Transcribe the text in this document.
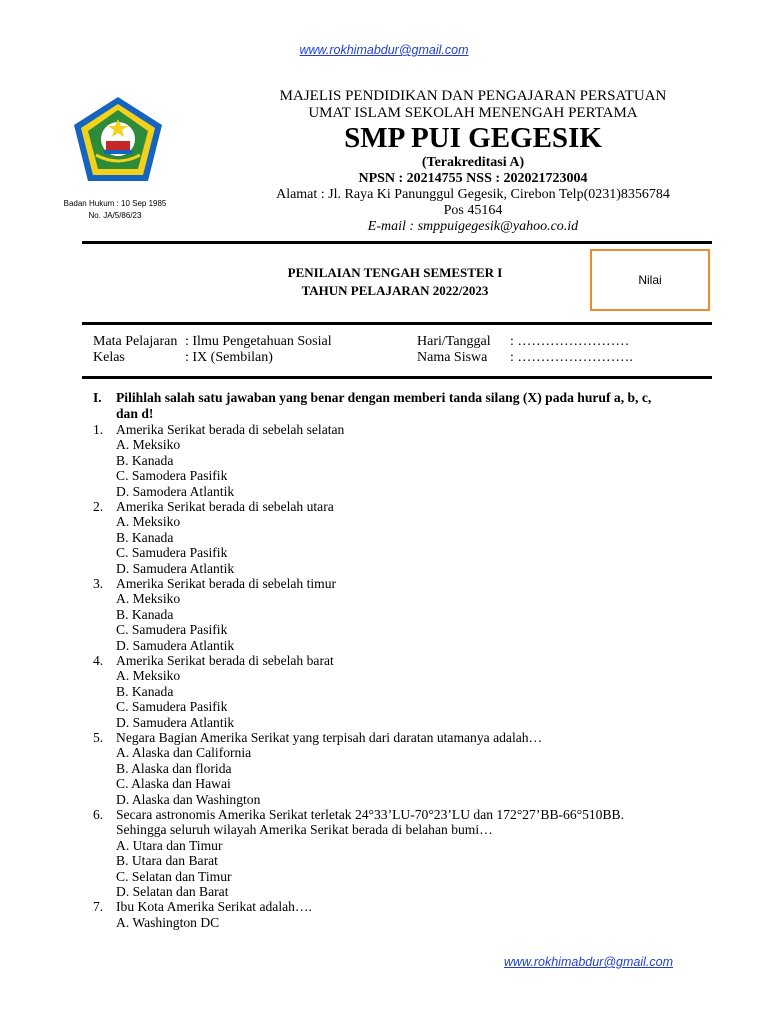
www.rokhimabdur@gmail.com
Badan Hukum : 10 Sep 1985
No. JA/5/86/23
MAJELIS PENDIDIKAN DAN PENGAJARAN PERSATUAN
UMAT ISLAM SEKOLAH MENENGAH PERTAMA
SMP PUI GEGESIK
(Terakreditasi A)
NPSN : 20214755 NSS : 202021723004
Alamat : Jl. Raya Ki Panunggul Gegesik, Cirebon Telp(0231)8356784
Pos 45164
E-mail : smppuigegesik@yahoo.co.id
PENILAIAN TENGAH SEMESTER I
TAHUN PELAJARAN 2022/2023
Nilai
Mata Pelajaran : Ilmu Pengetahuan Sosial
Kelas	: IX (Sembilan)
Hari/Tanggal : ……………………
Nama Siswa : …………………….
I. Pilihlah salah satu jawaban yang benar dengan memberi tanda silang (X) pada huruf a, b, c, dan d!
1. Amerika Serikat berada di sebelah selatan
A. Meksiko
B. Kanada
C. Samodera Pasifik
D. Samodera Atlantik
2. Amerika Serikat berada di sebelah utara
A. Meksiko
B. Kanada
C. Samudera Pasifik
D. Samudera Atlantik
3. Amerika Serikat berada di sebelah timur
A. Meksiko
B. Kanada
C. Samudera Pasifik
D. Samudera Atlantik
4. Amerika Serikat berada di sebelah barat
A. Meksiko
B. Kanada
C. Samudera Pasifik
D. Samudera Atlantik
5. Negara Bagian Amerika Serikat yang terpisah dari daratan utamanya adalah…
A. Alaska dan California
B. Alaska dan florida
C. Alaska dan Hawai
D. Alaska dan Washington
6. Secara astronomis Amerika Serikat terletak 24°33’LU-70°23’LU dan 172°27’BB-66°510BB.
Sehingga seluruh wilayah Amerika Serikat berada di belahan bumi…
A. Utara dan Timur
B. Utara dan Barat
C. Selatan dan Timur
D. Selatan dan Barat
7. Ibu Kota Amerika Serikat adalah….
A. Washington DC
www.rokhimabdur@gmail.com
